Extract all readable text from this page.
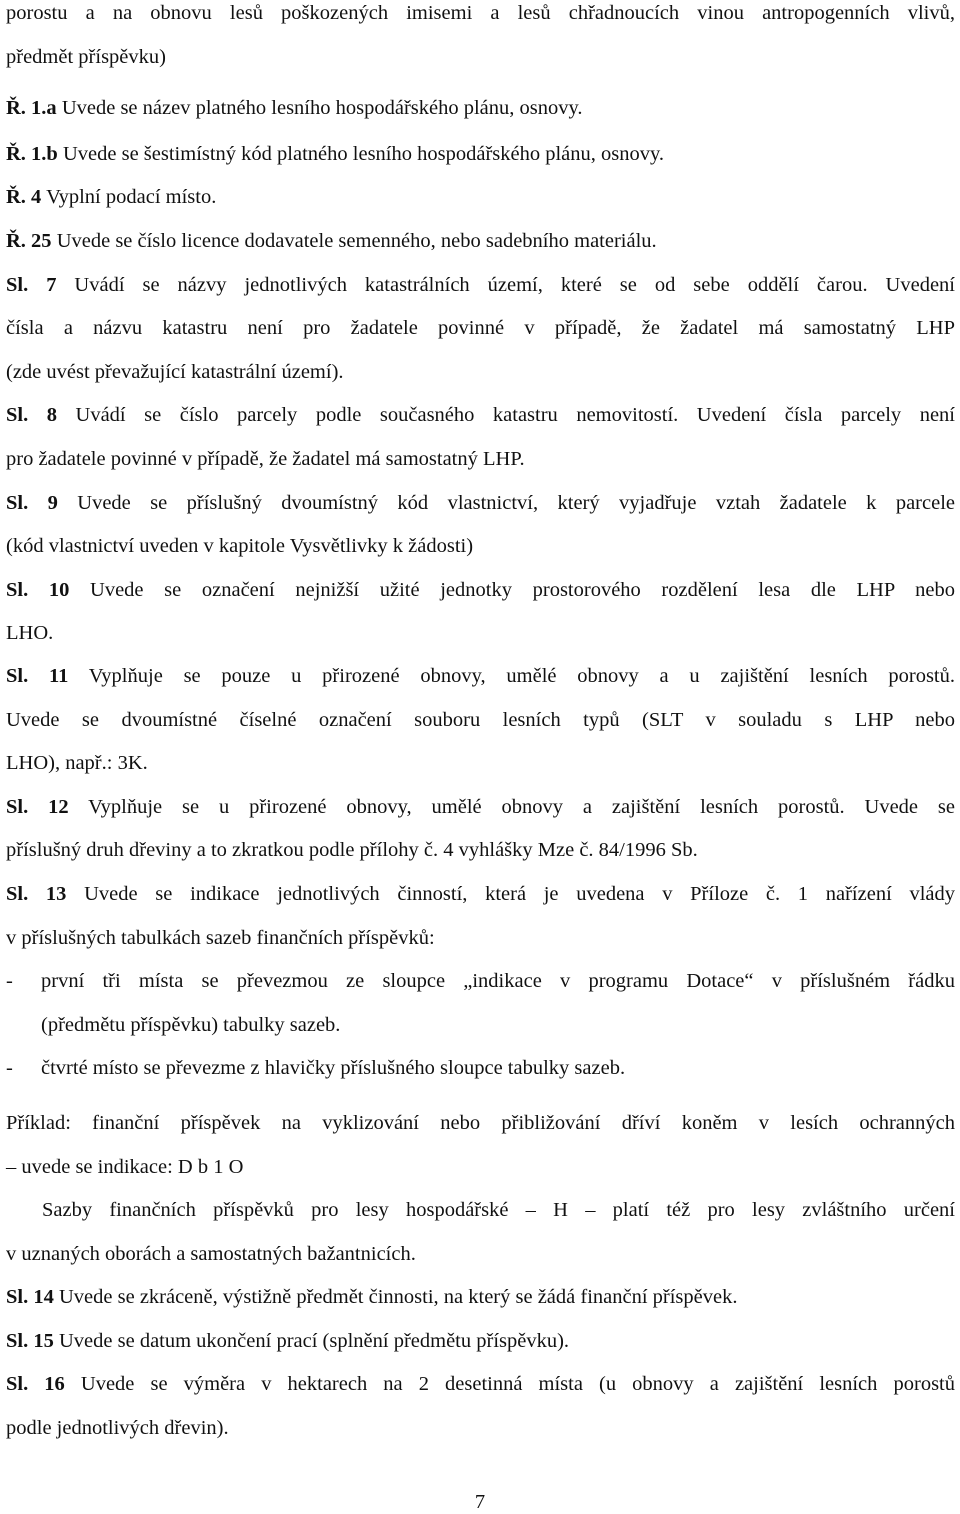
porostu a na obnovu lesů poškozených imisemi a lesů chřadnoucích vinou antropogenních vlivů,
předmět příspěvku)
Ř. 1.a Uvede se název platného lesního hospodářského plánu, osnovy.
Ř. 1.b Uvede se šestimístný kód platného lesního hospodářského plánu, osnovy.
Ř. 4 Vyplní podací místo.
Ř. 25 Uvede se číslo licence dodavatele semenného, nebo sadebního materiálu.
Sl. 7 Uvádí se názvy jednotlivých katastrálních území, které se od sebe oddělí čarou. Uvedení
čísla a názvu katastru není pro žadatele povinné v případě, že žadatel má samostatný LHP
(zde uvést převažující katastrální území).
Sl. 8 Uvádí se číslo parcely podle současného katastru nemovitostí. Uvedení čísla parcely není
pro žadatele povinné v případě, že žadatel má samostatný LHP.
Sl. 9 Uvede se příslušný dvoumístný kód vlastnictví, který vyjadřuje vztah žadatele k parcele
(kód vlastnictví uveden v kapitole Vysvětlivky k žádosti)
Sl. 10 Uvede se označení nejnižší užité jednotky prostorového rozdělení lesa dle LHP nebo
LHO.
Sl. 11 Vyplňuje se pouze u přirozené obnovy, umělé obnovy a u zajištění lesních porostů.
Uvede se dvoumístné číselné označení souboru lesních typů (SLT v souladu s LHP nebo
LHO), např.: 3K.
Sl. 12 Vyplňuje se u přirozené obnovy, umělé obnovy a zajištění lesních porostů. Uvede se
příslušný druh dřeviny a to zkratkou podle přílohy č. 4 vyhlášky Mze č. 84/1996 Sb.
Sl. 13 Uvede se indikace jednotlivých činností, která je uvedena v Příloze č. 1 nařízení vlády
v příslušných tabulkách sazeb finančních příspěvků:
- první tři místa se převezmou ze sloupce „indikace v programu Dotace“ v příslušném řádku
(předmětu příspěvku) tabulky sazeb.
- čtvrté místo se převezme z hlavičky příslušného sloupce tabulky sazeb.
Příklad: finanční příspěvek na vyklizování nebo přibližování dříví koněm v lesích ochranných
– uvede se indikace: D b 1 O
Sazby finančních příspěvků pro lesy hospodářské – H – platí též pro lesy zvláštního určení
v uznaných oborách a samostatných bažantnicích.
Sl. 14 Uvede se zkráceně, výstižně předmět činnosti, na který se žádá finanční příspěvek.
Sl. 15 Uvede se datum ukončení prací (splnění předmětu příspěvku).
Sl. 16 Uvede se výměra v hektarech na 2 desetinná místa (u obnovy a zajištění lesních porostů
podle jednotlivých dřevin).
7
